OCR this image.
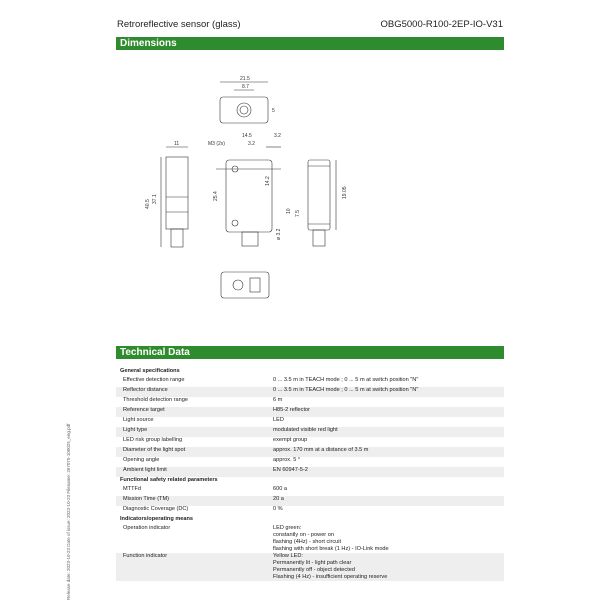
Retroreflective sensor (glass)	OBG5000-R100-2EP-IO-V31
Dimensions
21.5
8.7
5
11
40.5
37.1
M3 (2x)
14.5	3.2
3.2
25.4
14.2
10 7.5
ø 3.2
19.05
Technical Data
General specifications	
Effective detection range	0 ... 3.5 m in TEACH mode ; 0 ... 5 m at switch position "N"
Reflector distance	0 ... 3.5 m in TEACH mode ; 0 ... 5 m at switch position "N"
Threshold detection range	6 m
Reference target	H85-2 reflector
Light source	LED
Light type	modulated visible red light
LED risk group labelling	exempt group
Diameter of the light spot	approx. 170 mm at a distance of 3.5 m
Opening angle	approx. 5 °
Ambient light limit	EN 60947-5-2
Functional safety related parameters	
MTTFd	600 a
Mission Time (TM)	20 a
Diagnostic Coverage (DC)	0 %
Indicators/operating means	
Operation indicator	LED green:
constantly on - power on
flashing (4Hz) - short circuit
flashing with short break (1 Hz) - IO-Link mode
Function indicator	Yellow LED:
Permanently lit - light path clear
Permanently off - object detected
Flashing (4 Hz) - insufficient operating reserve
Release date: 2023-10-23 Date of issue: 2023-10-23 Filename: 267075-100025_eng.pdf
